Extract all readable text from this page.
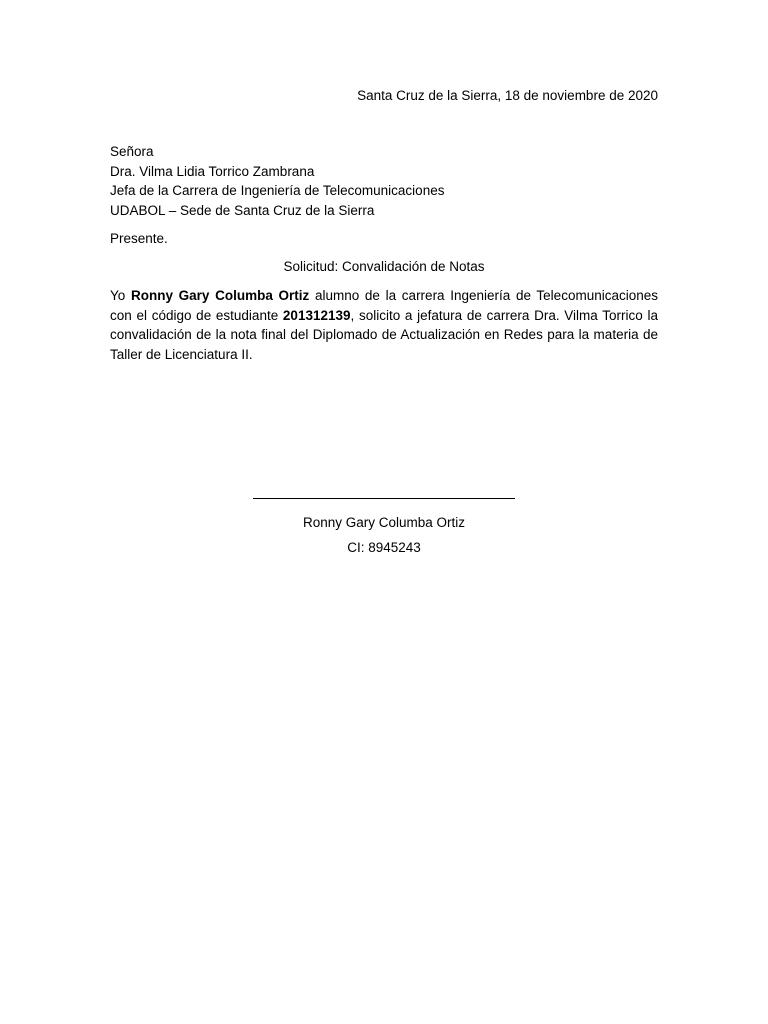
Santa Cruz de la Sierra, 18 de noviembre de 2020
Señora
Dra. Vilma Lidia Torrico Zambrana
Jefa de la Carrera de Ingeniería de Telecomunicaciones
UDABOL – Sede de Santa Cruz de la Sierra
Presente.
Solicitud: Convalidación de Notas
Yo Ronny Gary Columba Ortiz alumno de la carrera Ingeniería de Telecomunicaciones con el código de estudiante 201312139, solicito a jefatura de carrera Dra. Vilma Torrico la convalidación de la nota final del Diplomado de Actualización en Redes para la materia de Taller de Licenciatura II.
Ronny Gary Columba Ortiz
CI: 8945243
